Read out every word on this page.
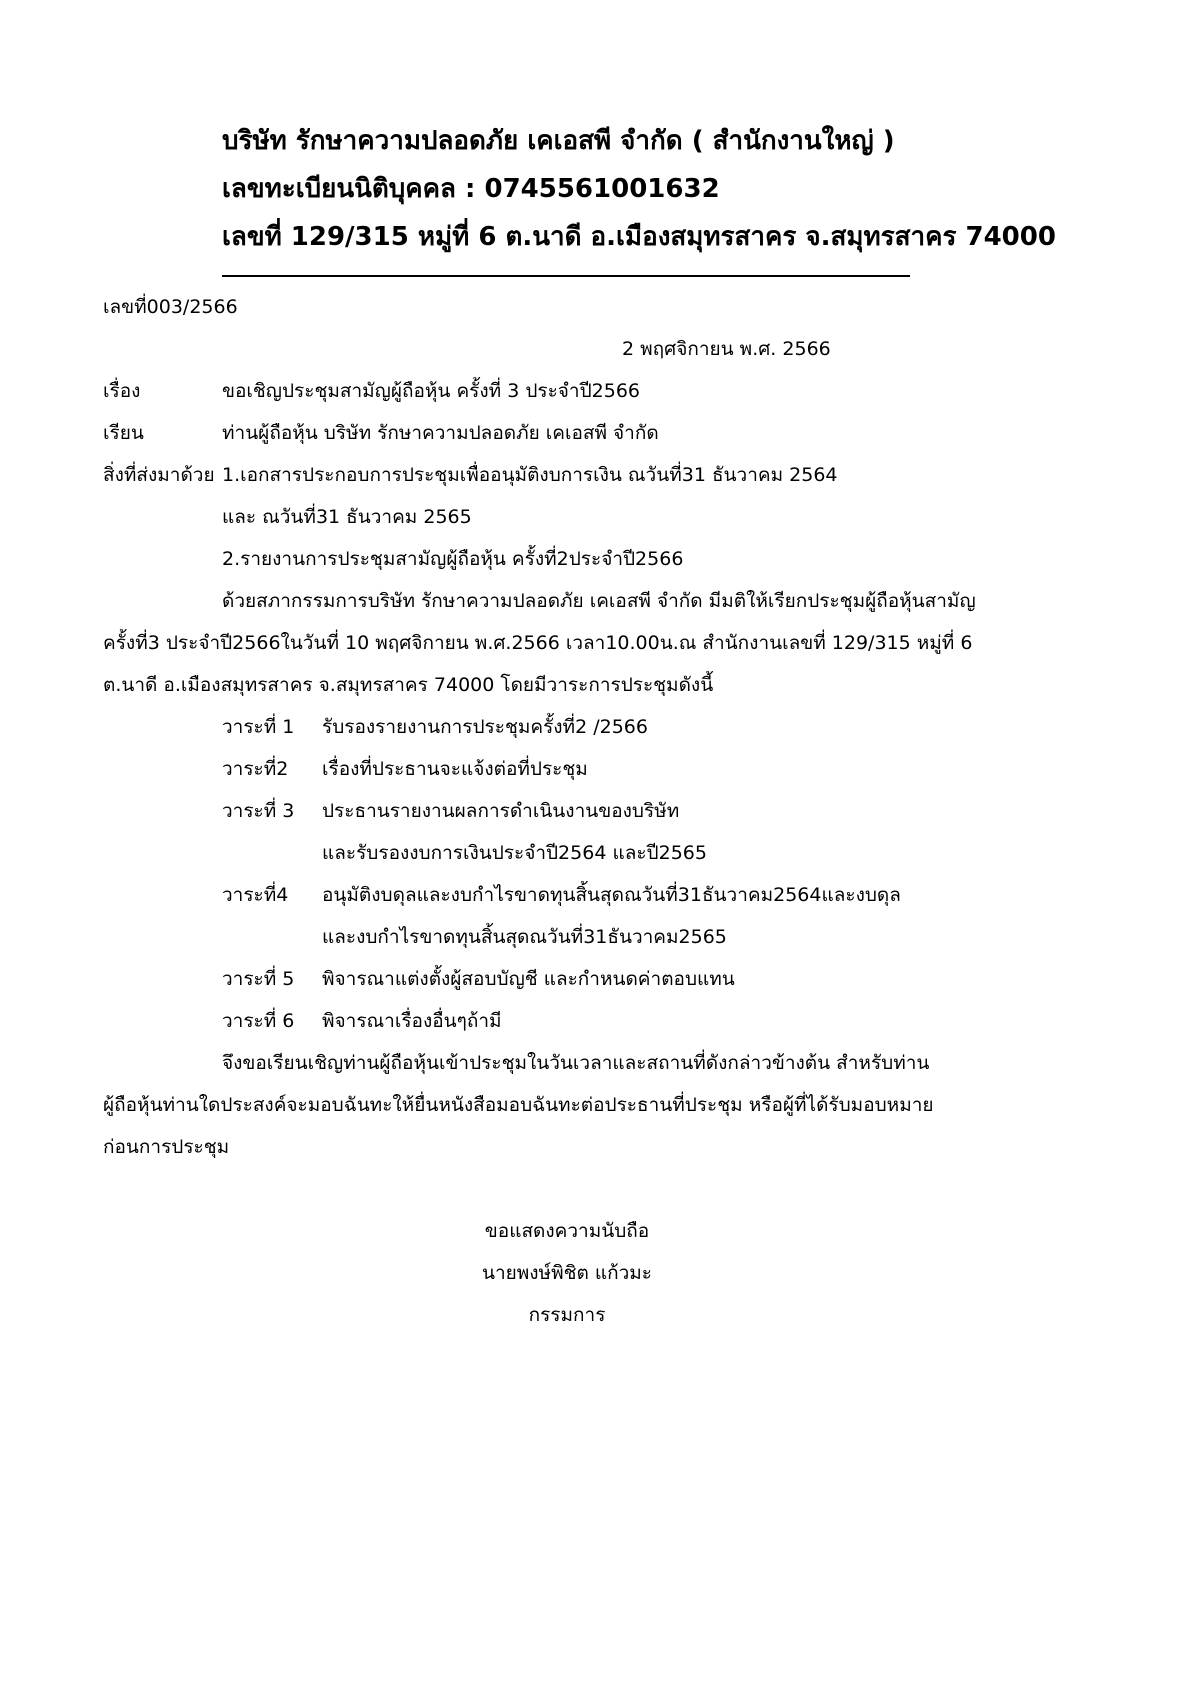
บริษัท รักษาความปลอดภัย เคเอสพี จำกัด ( สำนักงานใหญ่ )
เลขทะเบียนนิติบุคคล : 0745561001632
เลขที่ 129/315 หมู่ที่ 6 ต.นาดี อ.เมืองสมุทรสาคร จ.สมุทรสาคร 74000
เลขที่003/2566
2 พฤศจิกายน พ.ศ. 2566
เรื่อง	ขอเชิญประชุมสามัญผู้ถือหุ้น ครั้งที่ 3 ประจำปี2566
เรียน	ท่านผู้ถือหุ้น บริษัท รักษาความปลอดภัย เคเอสพี จำกัด
สิ่งที่ส่งมาด้วย 1.เอกสารประกอบการประชุมเพื่ออนุมัติงบการเงิน ณวันที่31 ธันวาคม 2564
และ ณวันที่31 ธันวาคม 2565
2.รายงานการประชุมสามัญผู้ถือหุ้น ครั้งที่2ประจำปี2566
ด้วยสภากรรมการบริษัท รักษาความปลอดภัย เคเอสพี จำกัด มีมติให้เรียกประชุมผู้ถือหุ้นสามัญ
ครั้งที่3 ประจำปี2566ในวันที่ 10 พฤศจิกายน พ.ศ.2566 เวลา10.00น.ณ สำนักงานเลขที่ 129/315 หมู่ที่ 6
ต.นาดี อ.เมืองสมุทรสาคร จ.สมุทรสาคร 74000 โดยมีวาระการประชุมดังนี้
วาระที่ 1 รับรองรายงานการประชุมครั้งที่2 /2566
วาระที่2 เรื่องที่ประธานจะแจ้งต่อที่ประชุม
วาระที่ 3 ประธานรายงานผลการดำเนินงานของบริษัท
และรับรองงบการเงินประจำปี2564 และปี2565
วาระที่4 อนุมัติงบดุลและงบกำไรขาดทุนสิ้นสุดณวันที่31ธันวาคม2564และงบดุล
และงบกำไรขาดทุนสิ้นสุดณวันที่31ธันวาคม2565
วาระที่ 5 พิจารณาแต่งตั้งผู้สอบบัญชี และกำหนดค่าตอบแทน
วาระที่ 6 พิจารณาเรื่องอื่นๆถ้ามี
จึงขอเรียนเชิญท่านผู้ถือหุ้นเข้าประชุมในวันเวลาและสถานที่ดังกล่าวข้างต้น สำหรับท่าน
ผู้ถือหุ้นท่านใดประสงค์จะมอบฉันทะให้ยื่นหนังสือมอบฉันทะต่อประธานที่ประชุม หรือผู้ที่ได้รับมอบหมาย
ก่อนการประชุม
ขอแสดงความนับถือ
นายพงษ์พิชิต แก้วมะ
กรรมการ
